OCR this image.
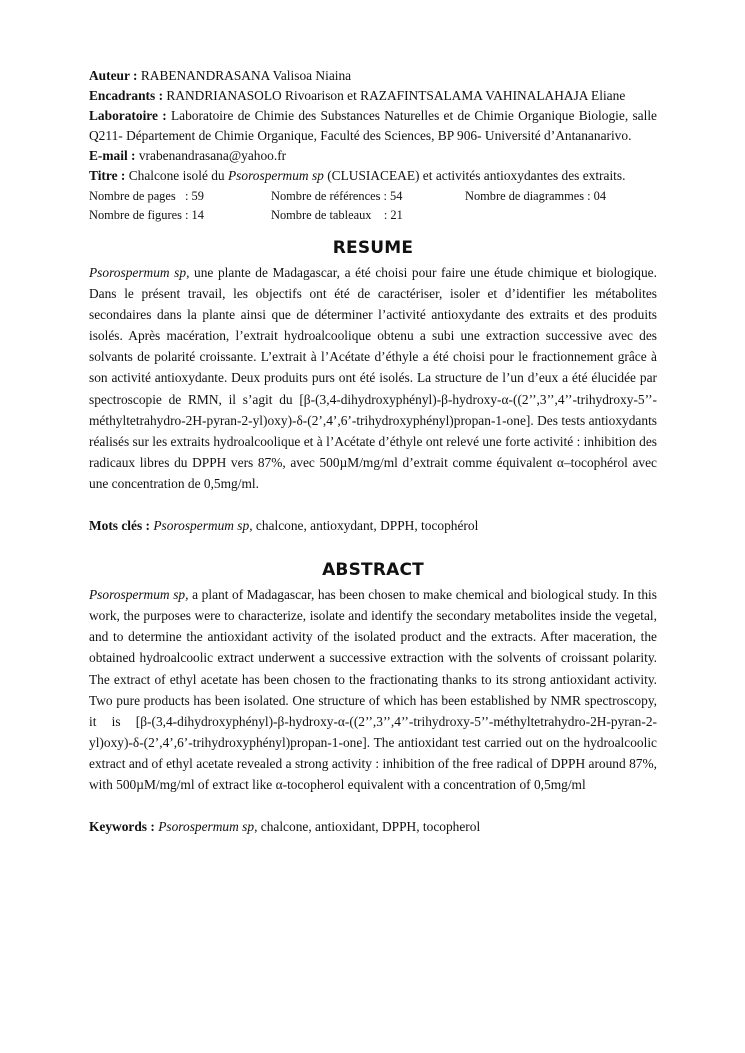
Auteur : RABENANDRASANA Valisoa Niaina

Encadrants : RANDRIANASOLO Rivoarison et RAZAFINTSALAMA VAHINALAHAJA Eliane

Laboratoire : Laboratoire de Chimie des Substances Naturelles et de Chimie Organique Biologie, salle Q211- Département de Chimie Organique, Faculté des Sciences, BP 906- Université d’Antananarivo.

E-mail : vrabenandrasana@yahoo.fr

Titre : Chalcone isolé du Psorospermum sp (CLUSIACEAE) et activités antioxydantes des extraits.

Nombre de pages   : 59	Nombre de références : 54	Nombre de diagrammes : 04
Nombre de figures : 14	Nombre de tableaux    : 21
RESUME

Psorospermum sp, une plante de Madagascar, a été choisi pour faire une étude chimique et biologique. Dans le présent travail, les objectifs ont été de caractériser, isoler et d’identifier les métabolites secondaires dans la plante ainsi que de déterminer l’activité antioxydante des extraits et des produits isolés. Après macération, l’extrait hydroalcoolique obtenu a subi une extraction successive avec des solvants de polarité croissante. L’extrait à l’Acétate d’éthyle a été choisi pour le fractionnement grâce à son activité antioxydante. Deux produits purs ont été isolés. La structure de l’un d’eux a été élucidée par spectroscopie de RMN, il s’agit du [β-(3,4-dihydroxyphényl)-β-hydroxy-α-((2’’,3’’,4’’-trihydroxy-5’’-méthyltetrahydro-2H-pyran-2-yl)oxy)-δ-(2’,4’,6’-trihydroxyphényl)propan-1-one]. Des tests antioxydants réalisés sur les extraits hydroalcoolique et à l’Acétate d’éthyle ont relevé une forte activité : inhibition des radicaux libres du DPPH vers 87%, avec 500µM/mg/ml d’extrait comme équivalent α–tocophérol avec une concentration de 0,5mg/ml.

Mots clés : Psorospermum sp, chalcone, antioxydant, DPPH, tocophérol

ABSTRACT

Psorospermum sp, a plant of Madagascar, has been chosen to make chemical and biological study. In this work, the purposes were to characterize, isolate and identify the secondary metabolites inside the vegetal, and to determine the antioxidant activity of the isolated product and the extracts. After maceration, the obtained hydroalcoolic extract underwent a successive extraction with the solvents of croissant polarity. The extract of ethyl acetate has been chosen to the fractionating thanks to its strong antioxidant activity. Two pure products has been isolated. One structure of which has been established by NMR spectroscopy, it is [β-(3,4-dihydroxyphényl)-β-hydroxy-α-((2’’,3’’,4’’-trihydroxy-5’’-méthyltetrahydro-2H-pyran-2-yl)oxy)-δ-(2’,4’,6’-trihydroxyphényl)propan-1-one]. The antioxidant test carried out on the hydroalcoolic extract and of ethyl acetate revealed a strong activity : inhibition of the free radical of DPPH around 87%, with 500µM/mg/ml of extract like α-tocopherol equivalent with a concentration of 0,5mg/ml

Keywords : Psorospermum sp, chalcone, antioxidant, DPPH, tocopherol
